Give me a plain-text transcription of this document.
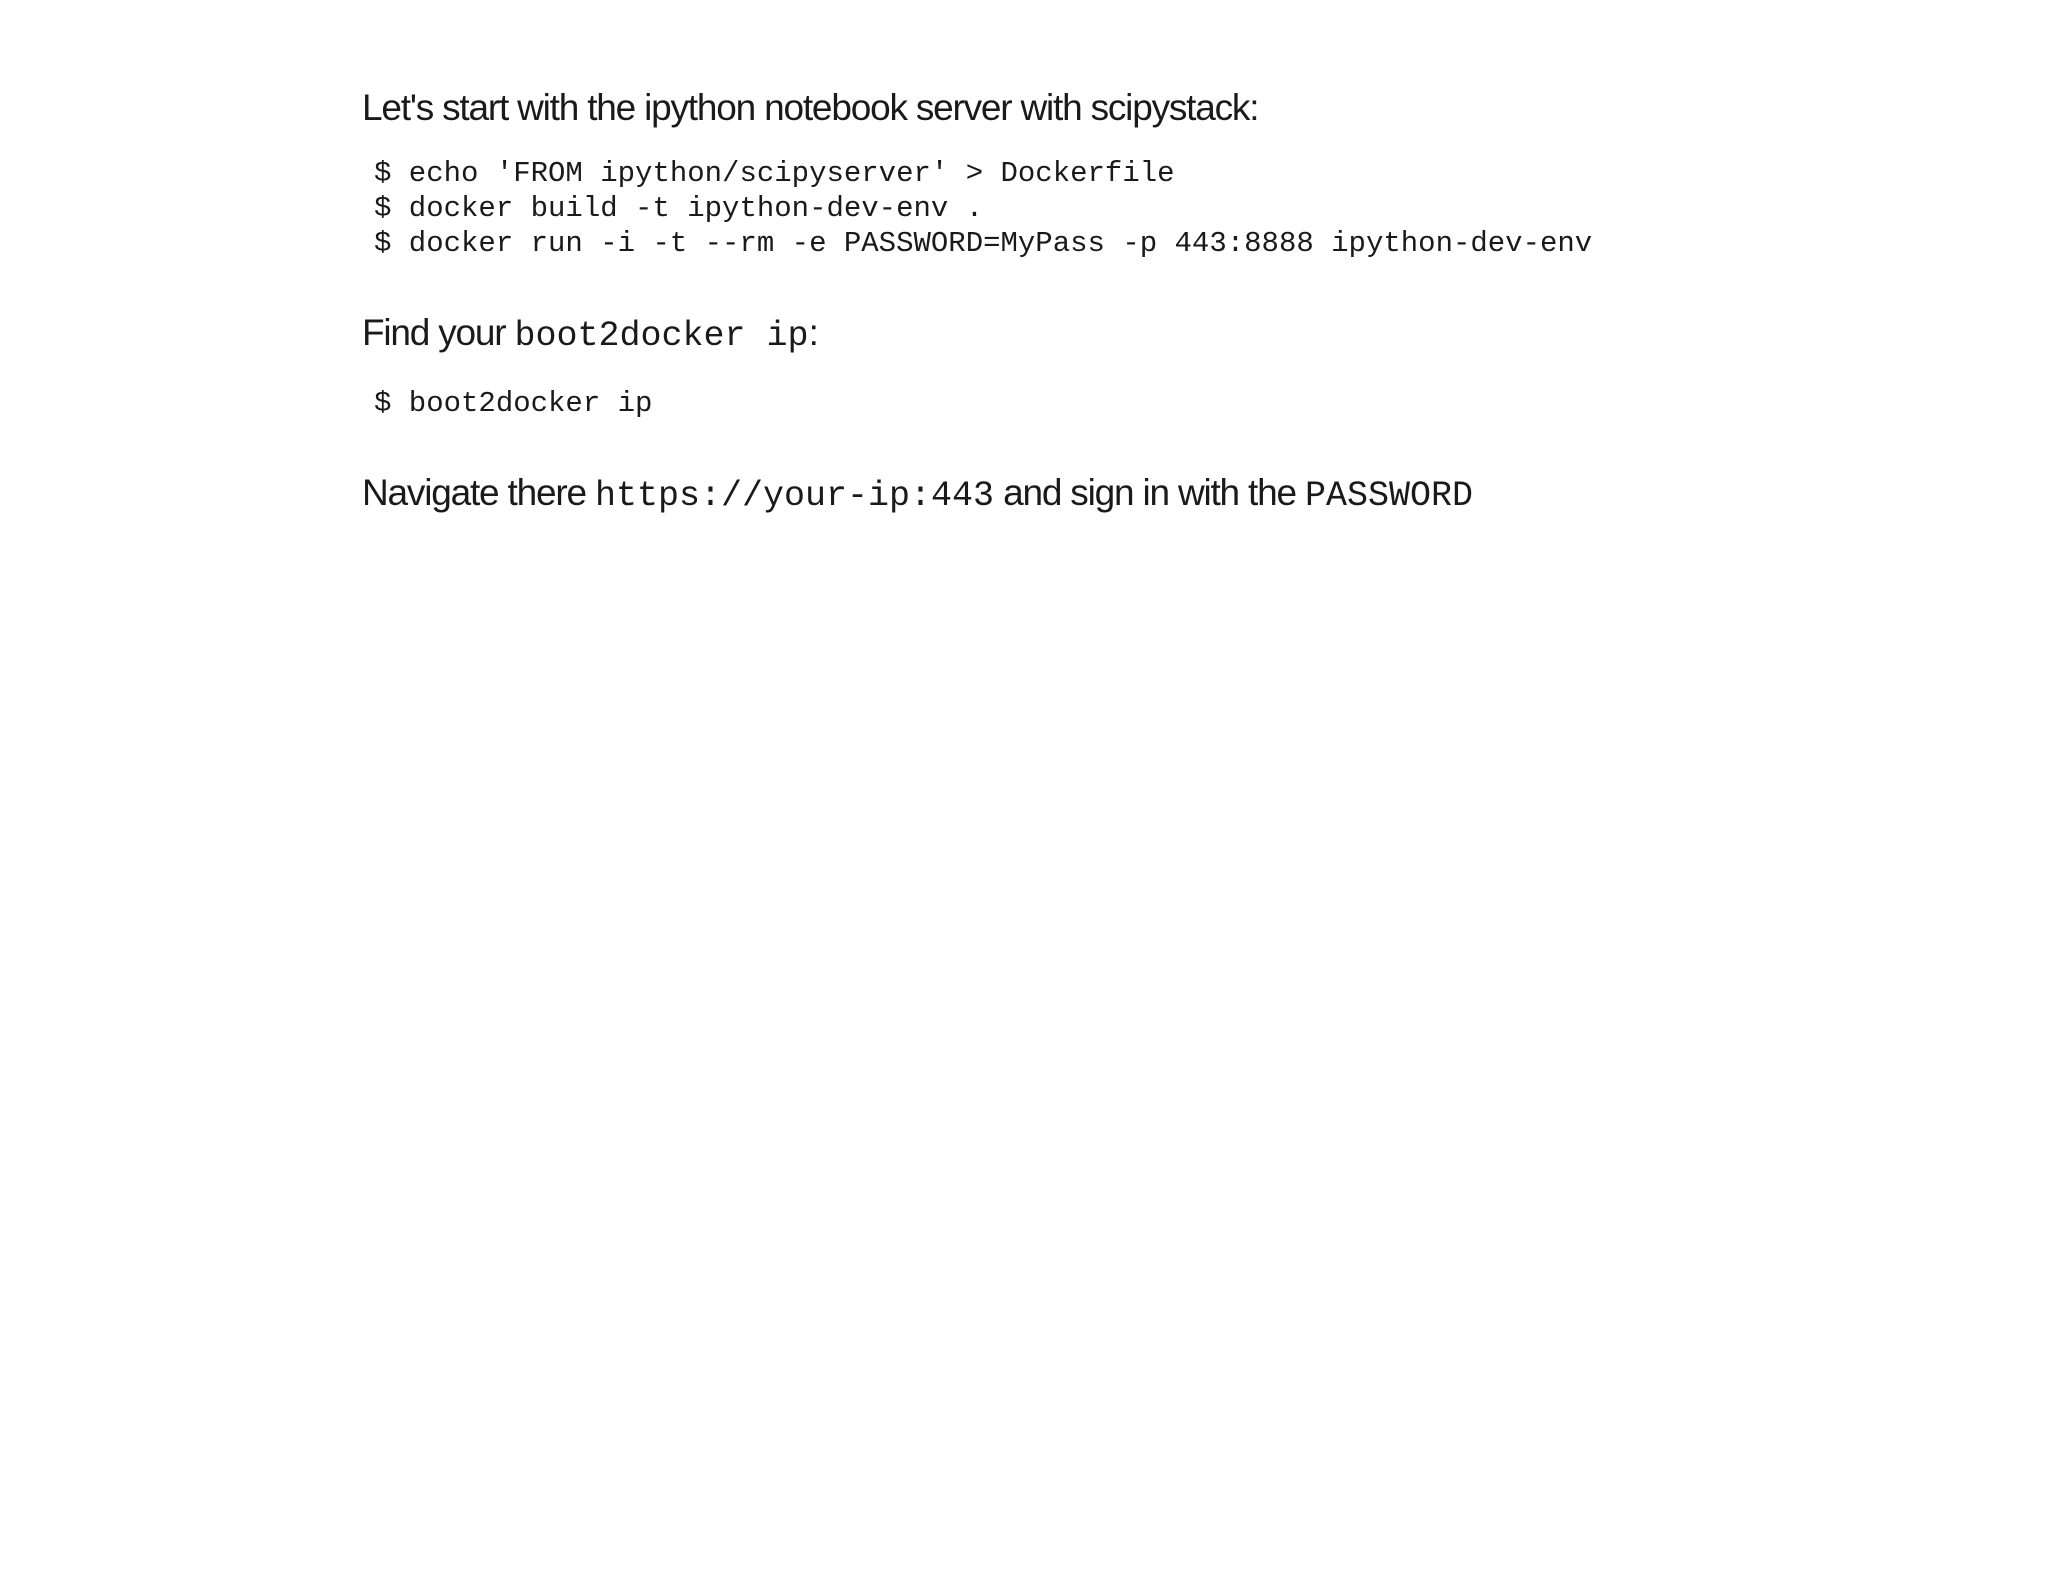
Let's start with the ipython notebook server with scipystack:

$ echo 'FROM ipython/scipyserver' > Dockerfile
$ docker build -t ipython-dev-env .
$ docker run -i -t --rm -e PASSWORD=MyPass -p 443:8888 ipython-dev-env

Find your boot2docker ip:

$ boot2docker ip

Navigate there https://your-ip:443 and sign in with the PASSWORD
